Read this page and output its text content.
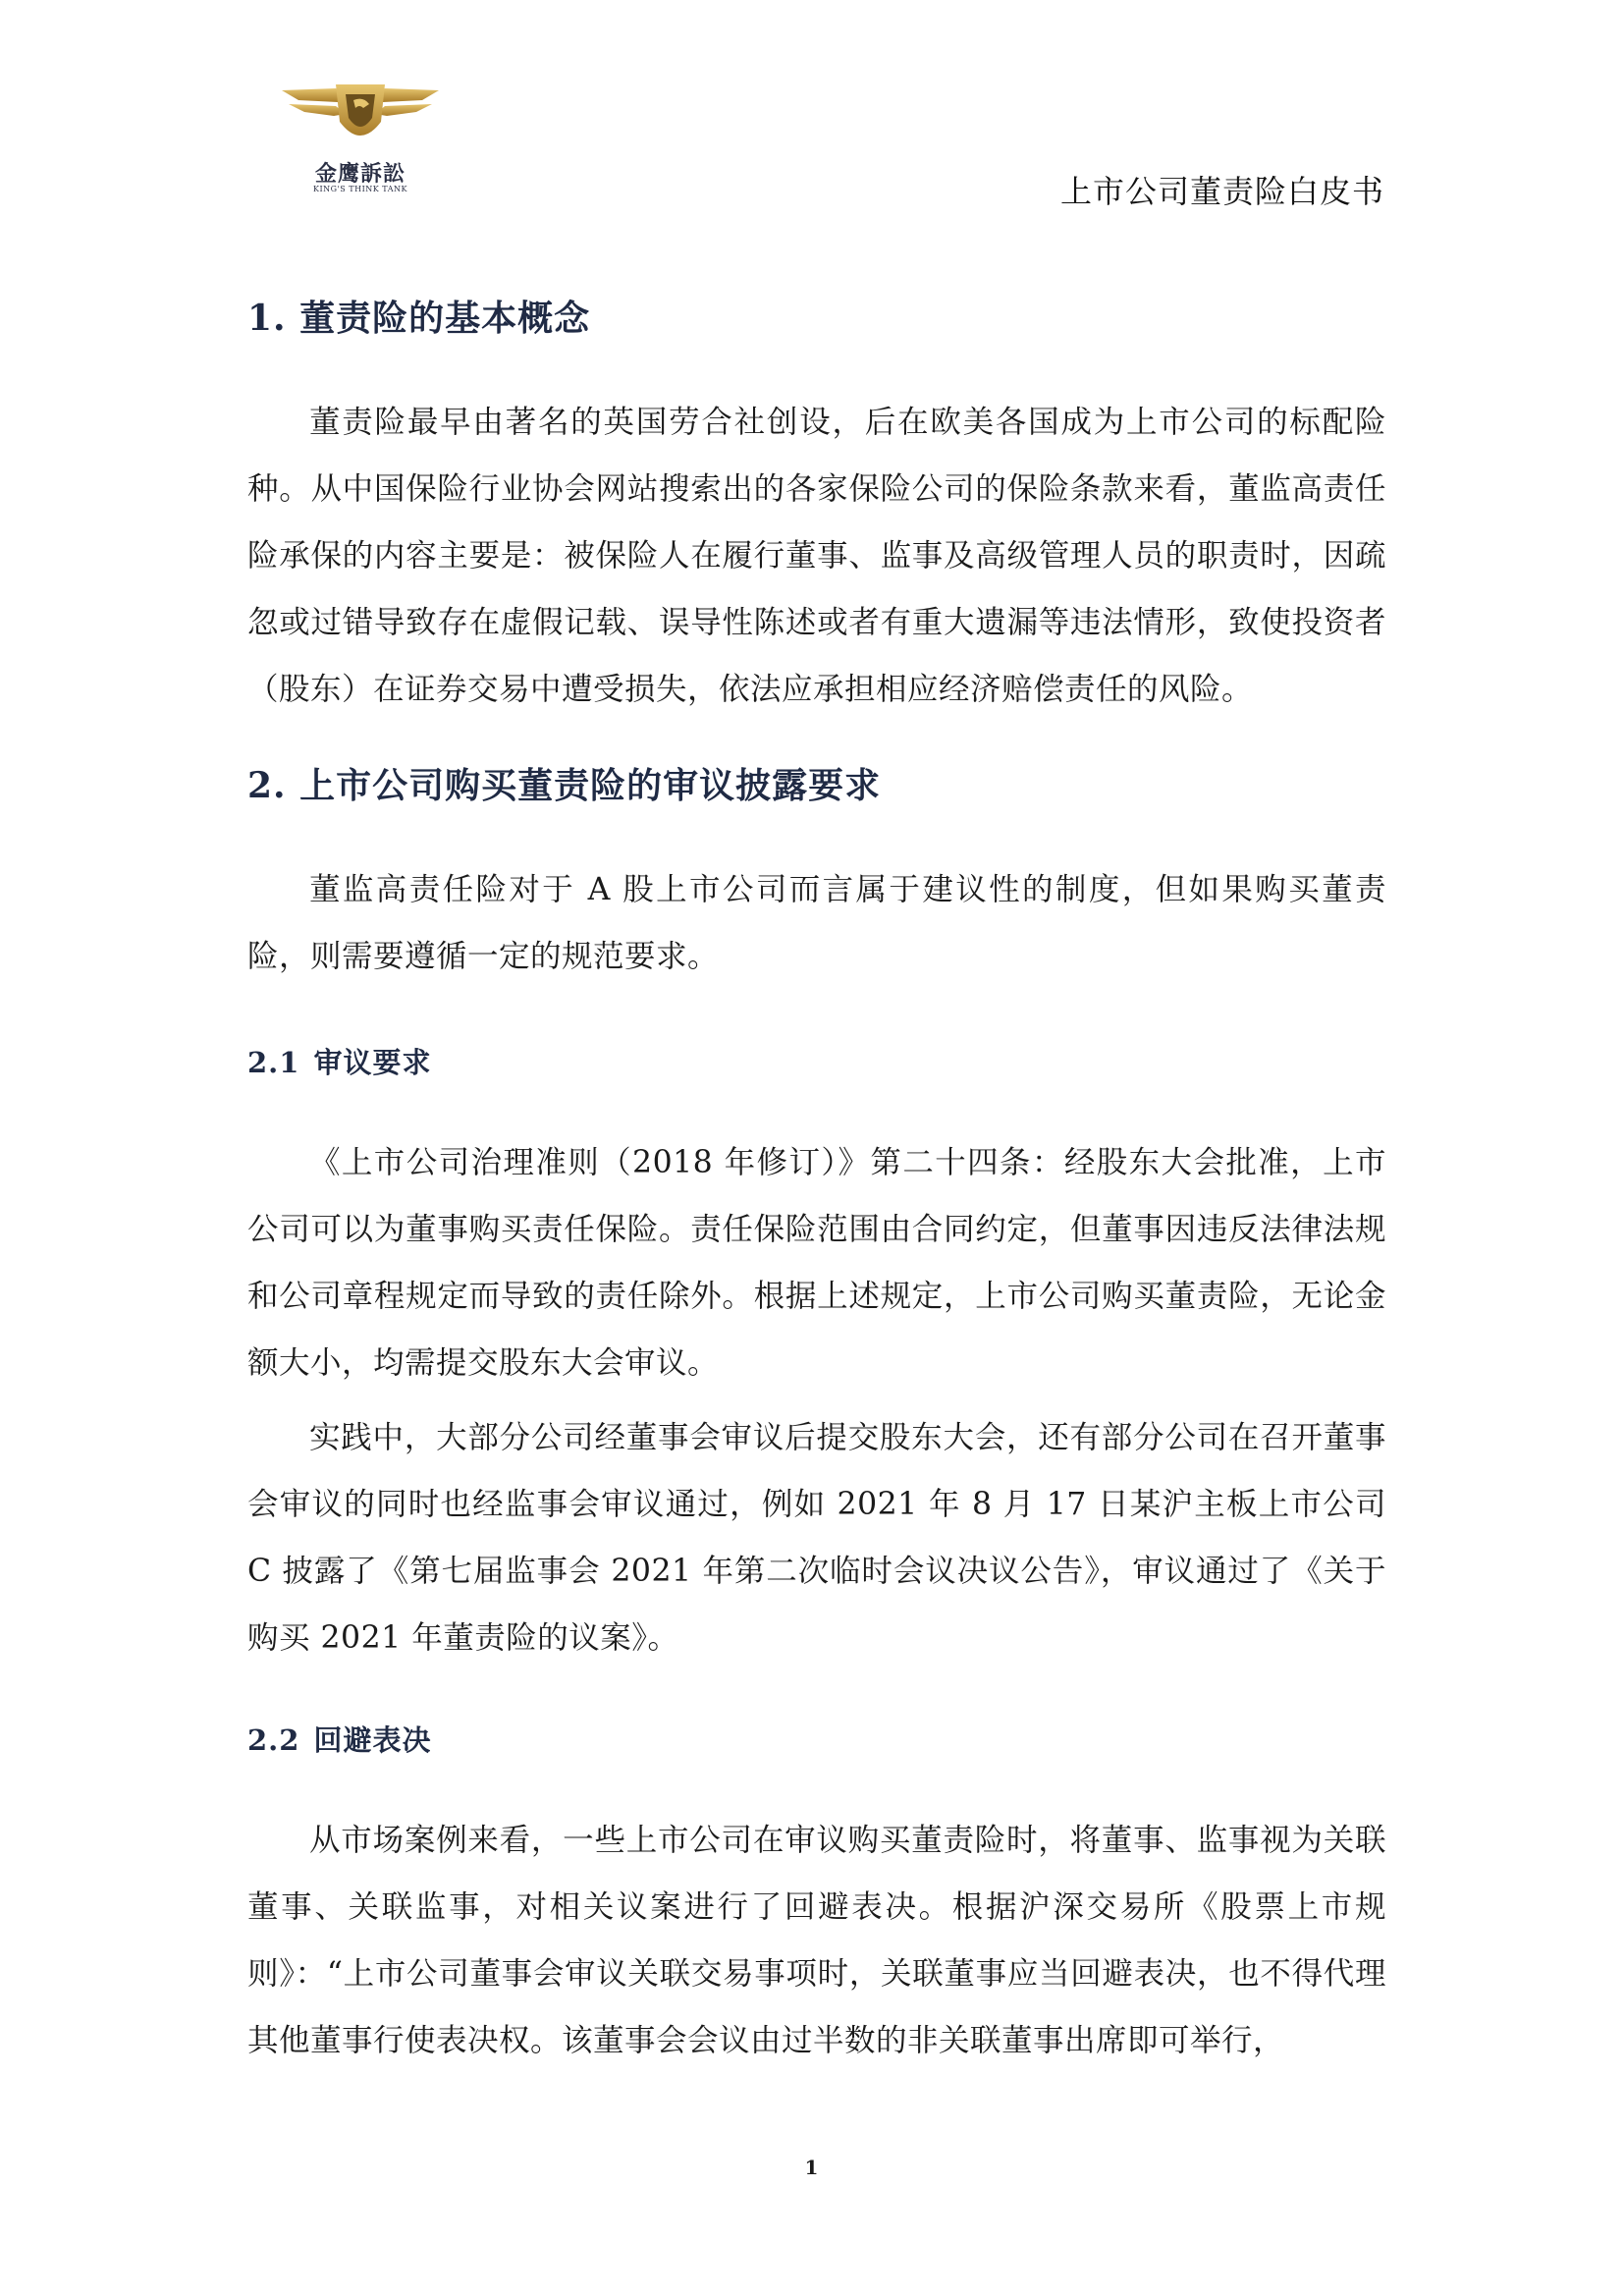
金鹰訴訟
KING'S THINK TANK	上市公司董责险白皮书
1. 董责险的基本概念

董责险最早由著名的英国劳合社创设，后在欧美各国成为上市公司的标配险种。从中国保险行业协会网站搜索出的各家保险公司的保险条款来看，董监高责任险承保的内容主要是：被保险人在履行董事、监事及高级管理人员的职责时，因疏忽或过错导致存在虚假记载、误导性陈述或者有重大遗漏等违法情形，致使投资者（股东）在证券交易中遭受损失，依法应承担相应经济赔偿责任的风险。

2. 上市公司购买董责险的审议披露要求

董监高责任险对于 A 股上市公司而言属于建议性的制度，但如果购买董责险，则需要遵循一定的规范要求。

2.1 审议要求

《上市公司治理准则（2018 年修订）》第二十四条：经股东大会批准，上市公司可以为董事购买责任保险。责任保险范围由合同约定，但董事因违反法律法规和公司章程规定而导致的责任除外。根据上述规定，上市公司购买董责险，无论金额大小，均需提交股东大会审议。

实践中，大部分公司经董事会审议后提交股东大会，还有部分公司在召开董事会审议的同时也经监事会审议通过，例如 2021 年 8 月 17 日某沪主板上市公司 C 披露了《第七届监事会 2021 年第二次临时会议决议公告》，审议通过了《关于购买 2021 年董责险的议案》。

2.2 回避表决

从市场案例来看，一些上市公司在审议购买董责险时，将董事、监事视为关联董事、关联监事，对相关议案进行了回避表决。根据沪深交易所《股票上市规则》：“上市公司董事会审议关联交易事项时，关联董事应当回避表决，也不得代理其他董事行使表决权。该董事会会议由过半数的非关联董事出席即可举行，

1
